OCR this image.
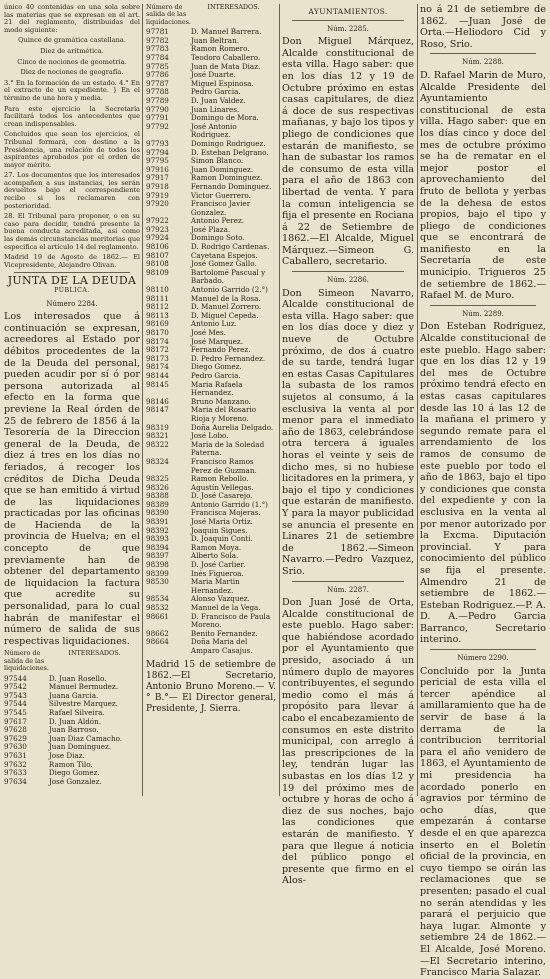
único 40 contenidas en una sola sobre las materias que se expresan en el art. 21 del reglamento, distribuidas del modo siguiente:

Quince de gramática castellana.

Diez de aritmética.

Cinco de nociones de geometría.

Diez de nociones de geografía.

3.° En la formación de un estado. 4.° En el extracto de un expediente. } En el término de una hora y media.

Para este ejercicio la Secretaría facilitará todos los antecedentes que crean indispensables.

Concluidos que sean los ejercicios, el Tribunal formará, con destino a la Presidencia, una relación de todos los aspirantes aprobados por el orden de mayor mérito.

27. Los documentos que los interesados acompañen a sus instancias, les serán devueltos bajo el correspondiente recibo si los reclamaren con posterioridad.

28. El Tribunal para proponer, o en su caso para decidir, tendrá presente la buena conducta acreditada, así como las demás circunstancias meritorias que especifica el artículo 14 del reglamento.

Madrid 19 de Agosto de 1862.— El Vicepresidente, Alejandro Olivan.

JUNTA DE LA DEUDA
PÚBLICA.
Número 2284.

Los interesados que á continuación se expresan, acreedores al Estado por débitos procedentes de la de la Deuda del personal, pueden acudir por sí ó por persona autorizada al efecto en la forma que previene la Real órden de 25 de febrero de 1856 á la Tesorería de la Direccion general de la Deuda, de diez á tres en los días no feriados, á recoger los créditos de Dicha Deuda que se han emitido á virtud de las liquidaciones practicadas por las oficinas de Hacienda de la provincia de Huelva; en el concepto de que previamente han de obtener del departamento de liquidacion la factura que acredite su personalidad, para lo cual habrán de manifestar el número de salida de sus respectivas liquidaciones.

Número de salida de las liquidaciones.	INTERESADOS.
97544	D. Juan Rosello.
97542	Manuel Bermudez.
97543	Juana Garcia.
97544	Silvestre Marquez.
97545	Rafael Silveira.
97617	D. Juan Aldón.
97628	Juan Barroso.
97629	Juan Diaz Camacho.
97630	Juan Dominguez.
97631	Jose Diaz.
97632	Ramon Tilo.
97633	Diego Gomez.
97634	José Gonzalez.
Número de salida de las liquidaciones.	INTERESADOS.
97781	D. Manuel Barrera.
97782	Juan Beltran.
97783	Ramon Romero.
97784	Teodoro Caballero.
97785	Juan de Mata Diaz.
97786	José Duarte.
97787	Miguel Espinosa.
97788	Pedro Garcia.
97789	D. Juan Valdez.
97790	Juan Linares.
97791	Domingo de Mora.
97792	José Antonio Rodriguez.
97793	Domingo Rodriguez.
97794	D. Esteban Delgrano.
97795	Simon Blanco.
97916	Juan Dominguez.
97917	Ramon Dominguez.
97918	Fernando Dominguez.
97919	Victor Guerrero.
97920	Francisco Javier Gonzalez.
97922	Antonio Perez.
97923	José Plaza.
97924	Domingo Soto.
98106	D. Rodrigo Cardenas.
98107	Cayetana Espejos.
98108	José Gomez Gallo.
98109	Bartolomé Pascual y Barbado.
98110	Antonio Garrido (2.°)
98111	Manuel de la Rosa.
98112	D. Manuel Zorrero.
98113	D. Miguel Cepeda.
98169	Antonio Luz.
98170	José Mes.
98174	José Marquez.
98172	Fernando Perez.
98173	D. Pedro Fernandez.
98174	Diego Gomez.
98144	Pedro Garcia.
98145	Maria Rafaela Hernandez.
98146	Bruno Manzano.
98147	Maria del Rosario Rioja y Moreno.
98319	Doña Aurelia Delgado.
98321	José Lobo.
98322	Maria de la Soledad Paterna.
98324	Francisco Ramos Perez de Guzman.
98325	Ramon Rebollo.
98326	Agustín Vellegas.
98388	D. José Casarejo.
98389	Antonio Garrido (1.°)
98390	Francisca Mojeras.
98391	José Maria Ortiz.
98392	Joaquin Sigues.
98393	D. Joaquin Conti.
98394	Ramon Moya.
98397	Alberto Sola.
98398	D. José Carlier.
98399	Inés Figueroa.
98530	Maria Martin Hernandez.
98534	Alonso Vazquez.
98532	Manuel de la Vega.
98661	D. Francisco de Paula Moreno.
98662	Benito Fernandez.
98664	Doña Maria del Amparo Casajus.

Madrid 15 de setiembre de 1862.—El Secretario, Antonio Bruno Moreno.— V.° B.°— El Director general, Presidente, J. Sierra.

AYUNTAMIENTOS.
Núm. 2285.

Don Miguel Márquez, Alcalde constitucional de esta villa. Hago saber: que en los días 12 y 19 de Octubre próximo en estas casas capitulares, de diez á doce de sus respectivas mañanas, y bajo los tipos y pliego de condiciones que estarán de manifiesto, se han de subastar los ramos de consumo de esta villa para el año de 1863 con libertad de venta. Y para la comun inteligencia se fija el presente en Rociana á 22 de Setiembre de 1862.—El Alcalde, Miguel Márquez.—Simeon G. Caballero, secretario.

Núm. 2286.

Don Simeon Navarro, Alcalde constitucional de esta villa. Hago saber: que en los días doce y diez y nueve de Octubre próximo, de dos á cuatro de su tarde, tendrá lugar en estas Casas Capitulares la subasta de los ramos sujetos al consumo, á la esclusiva la venta al por menor para el inmediato año de 1863, celebrándose otra tercera á iguales horas el veinte y seis de dicho mes, si no hubiese licitadores en la primera, y bajo el tipo y condiciones que estarán de manifiesto. Y para la mayor publicidad se anuncia el presente en Linares 21 de setiembre de 1862.—Simeon Navarro.—Pedro Vazquez, Srio.

Núm. 2287.

Don Juan José de Orta, Alcalde constitucional de este pueblo. Hago saber: que habiéndose acordado por el Ayuntamiento que presido, asociado á un número duplo de mayores contribuyentes, el segundo medio como el más á propósito para llevar á cabo el encabezamiento de consumos en este distrito municipal, con arreglo á las prescripciones de la ley, tendrán lugar las subastas en los días 12 y 19 del próximo mes de octubre y horas de ocho á diez de sus noches, bajo las condiciones que estarán de manifiesto. Y para que llegue á noticia del público pongo el presente que firmo en el Alos-

no á 21 de setiembre de 1862. —Juan José de Orta.—Heliodoro Cid y Roso, Srio.

Núm. 2288.

D. Rafael Marin de Muro, Alcalde Presidente del Ayuntamiento constitucional de esta villa. Hago saber: que en los días cinco y doce del mes de octubre próximo se ha de rematar en el mejor postor el aprovechamiento del fruto de bellota y yerbas de la dehesa de estos propios, bajo el tipo y pliego de condiciones que se encontrará de manifiesto en la Secretaría de este municipio. Trigueros 25 de setiembre de 1862.—Rafael M. de Muro.

Núm. 2289.

Don Esteban Rodriguez, Alcalde constitucional de este pueblo. Hago saber: que en los días 12 y 19 del mes de Octubre próximo tendrá efecto en estas casas capitulares desde las 10 á las 12 de la mañana el primero y segundo remate para el arrendamiento de los ramos de consumo de este pueblo por todo el año de 1863, bajo el tipo y condiciones que consta del expediente y con la esclusiva en la venta al por menor autorizado por la Excma. Diputación provincial. Y para conocimiento del público se fija el presente. Almendro 21 de setiembre de 1862.—Esteban Rodriguez.—P. A. D. A.—Pedro Garcia Barranco, Secretario interino.

Número 2290.

Concluido por la Junta pericial de esta villa el tercer apéndice al amillaramiento que ha de servir de base á la derrama de la contribucion territorial para el año venidero de 1863, el Ayuntamiento de mi presidencia ha acordado ponerlo en agravios por término de ocho días, que empezarán á contarse desde el en que aparezca inserto en el Boletín oficial de la provincia, en cuyo tiempo se oirán las reclamaciones que se presenten; pasado el cual no serán atendidas y les parará el perjuicio que haya lugar. Almonte y setiembre 24 de 1862.—El Alcalde, José Moreno.—El Secretario interino, Francisco Maria Salazar.
